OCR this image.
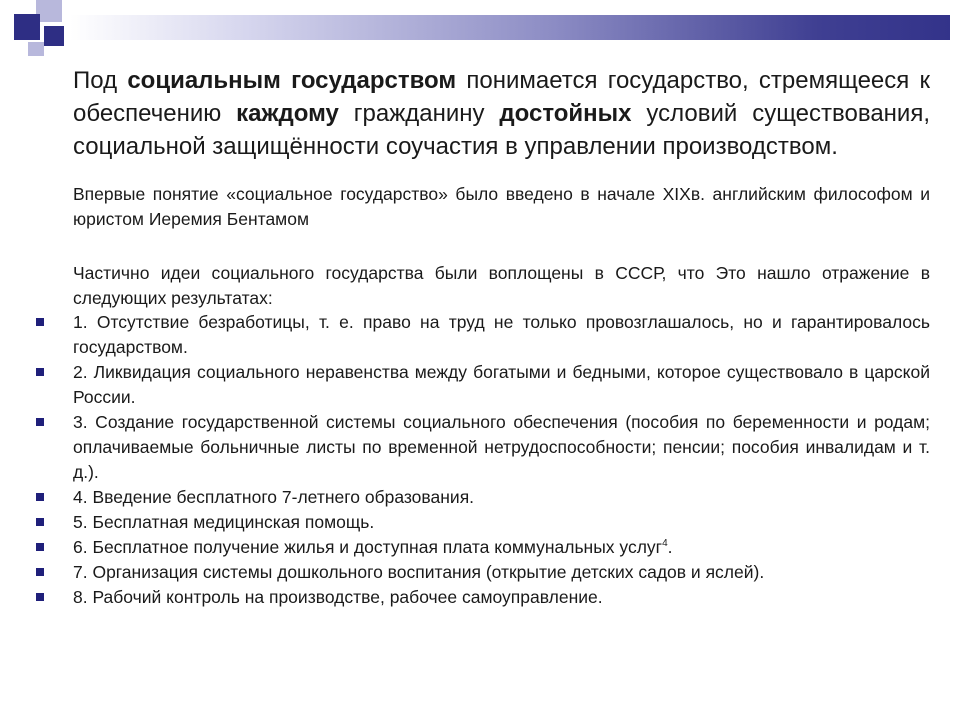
Под социальным государством понимается государство, стремящееся к обеспечению каждому гражданину достойных условий существования, социальной защищённости соучастия в управлении производством.

Впервые понятие «социальное государство» было введено в начале XIXв. английским философом и юристом Иеремия Бентамом

Частично идеи социального государства были воплощены в СССР, что Это нашло отражение в следующих результатах:

1. Отсутствие безработицы, т. е. право на труд не только провозглашалось, но и гарантировалось государством.
2. Ликвидация социального неравенства между богатыми и бедными, которое существовало в царской России.
3. Создание государственной системы социального обеспечения (пособия по беременности и родам; оплачиваемые больничные листы по временной нетрудоспособности; пенсии; пособия инвалидам и т. д.).
4. Введение бесплатного 7-летнего образования.
5. Бесплатная медицинская помощь.
6. Бесплатное получение жилья и доступная плата коммунальных услуг$^4$.
7. Организация системы дошкольного воспитания (открытие детских садов и яслей).
8. Рабочий контроль на производстве, рабочее самоуправление.
